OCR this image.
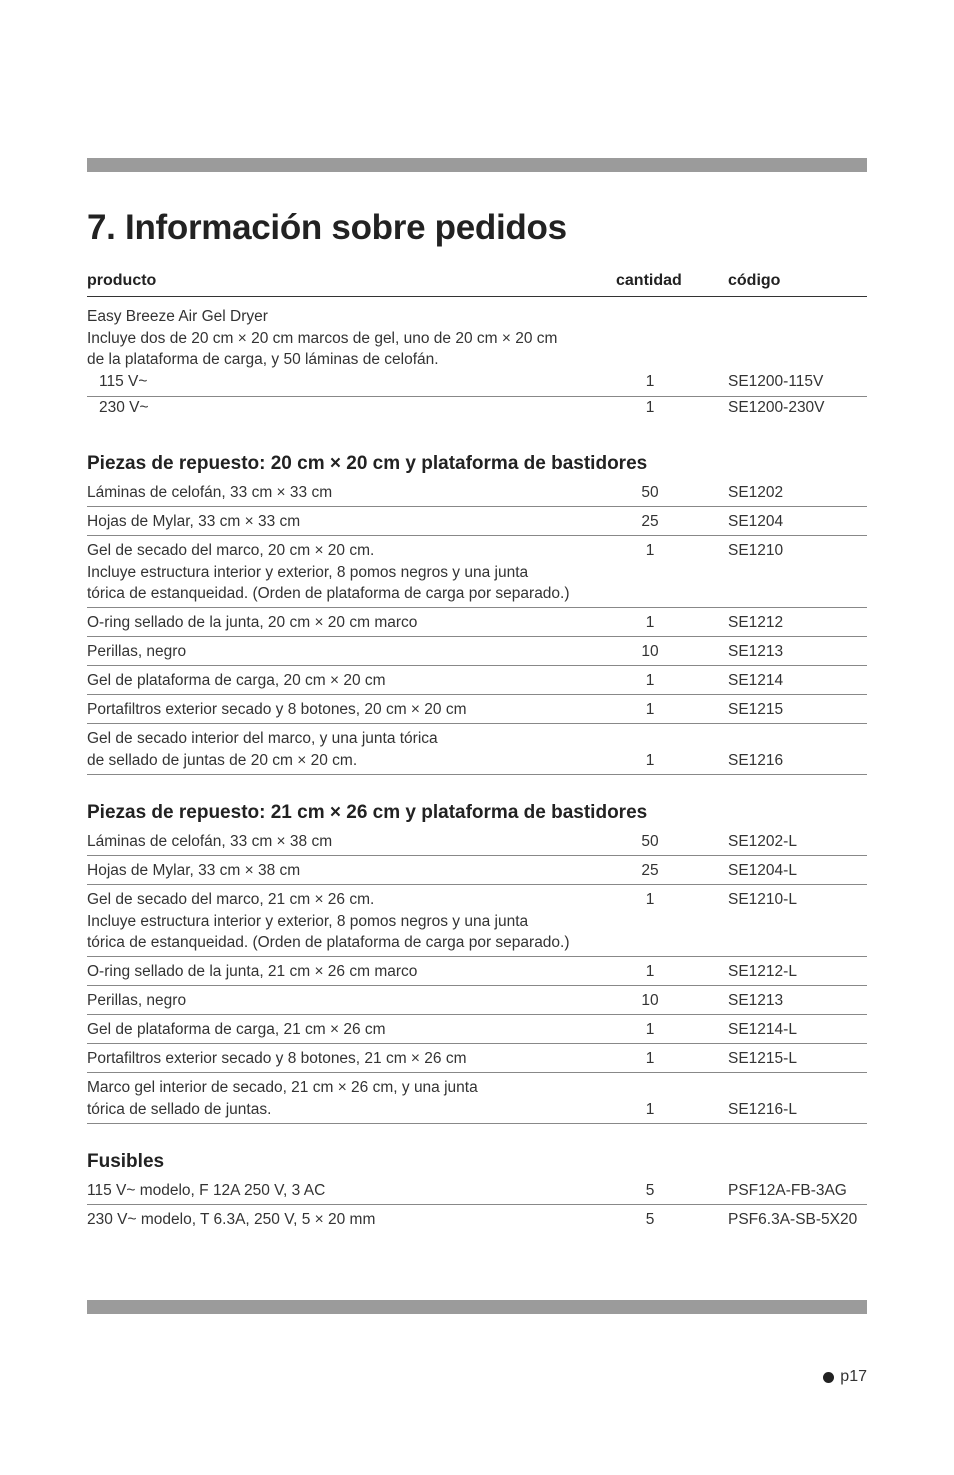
7. Información sobre pedidos
producto	cantidad	código
Easy Breeze Air Gel Dryer
Incluye dos de 20 cm × 20 cm marcos de gel, uno de 20 cm × 20 cm
de la plataforma de carga, y 50 láminas de celofán.
115 V~	1	SE1200-115V
230 V~	1	SE1200-230V
Piezas de repuesto: 20 cm × 20 cm y plataforma de bastidores
Láminas de celofán, 33 cm × 33 cm	50	SE1202
Hojas de Mylar, 33 cm × 33 cm	25	SE1204
Gel de secado del marco, 20 cm × 20 cm.
Incluye estructura interior y exterior, 8 pomos negros y una junta
tórica de estanqueidad. (Orden de plataforma de carga por separado.)
1	SE1210
O-ring sellado de la junta, 20 cm × 20 cm marco	1	SE1212
Perillas, negro	10	SE1213
Gel de plataforma de carga, 20 cm × 20 cm	1	SE1214
Portafiltros exterior secado y 8 botones, 20 cm × 20 cm	1	SE1215
Gel de secado interior del marco, y una junta tórica
de sellado de juntas de 20 cm × 20 cm.	1	SE1216
Piezas de repuesto: 21 cm × 26 cm y plataforma de bastidores
Láminas de celofán, 33 cm × 38 cm	50	SE1202-L
Hojas de Mylar, 33 cm × 38 cm	25	SE1204-L
Gel de secado del marco, 21 cm × 26 cm.
Incluye estructura interior y exterior, 8 pomos negros y una junta
tórica de estanqueidad. (Orden de plataforma de carga por separado.)
1	SE1210-L
O-ring sellado de la junta, 21 cm × 26 cm marco	1	SE1212-L
Perillas, negro	10	SE1213
Gel de plataforma de carga, 21 cm × 26 cm	1	SE1214-L
Portafiltros exterior secado y 8 botones, 21 cm × 26 cm	1	SE1215-L
Marco gel interior de secado, 21 cm × 26 cm, y una junta
tórica de sellado de juntas.	1	SE1216-L
Fusibles
115 V~ modelo, F 12A 250 V, 3 AC	5	PSF12A-FB-3AG
230 V~ modelo, T 6.3A, 250 V, 5 × 20 mm	5	PSF6.3A-SB-5X20
p17
